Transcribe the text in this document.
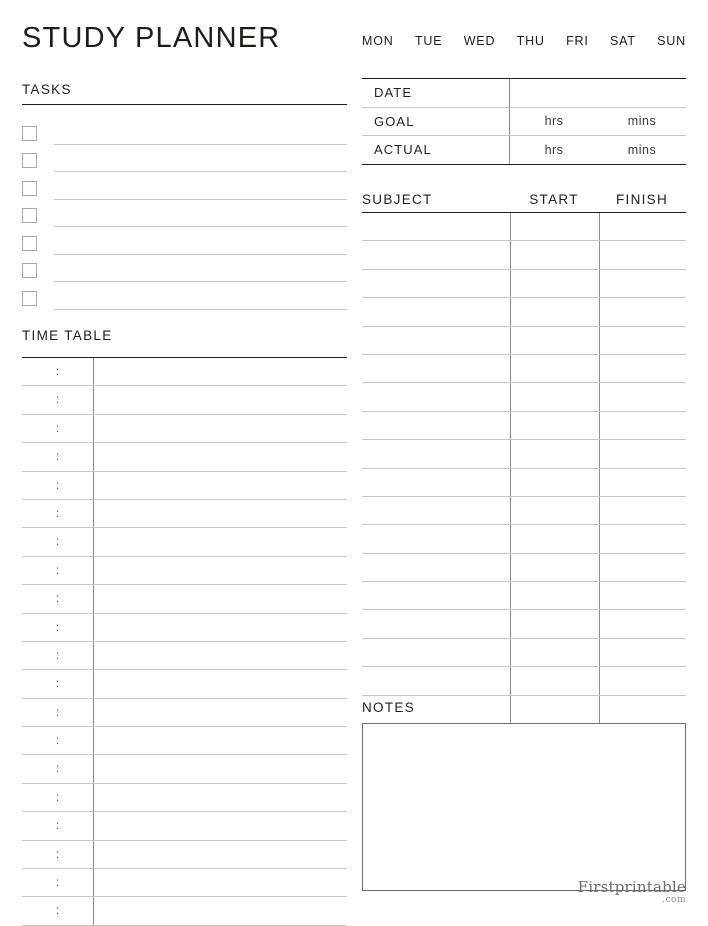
STUDY PLANNER	MON TUE WED THU FRI SAT SUN
TASKS
TIME TABLE
:
:
:
:
:
:
:
:
:
:
:
:
:
:
:
:
:
:
:
:
DATE
GOAL	hrs	mins
ACTUAL	hrs	mins
SUBJECT	START	FINISH
NOTES
Firstprintable
.com
